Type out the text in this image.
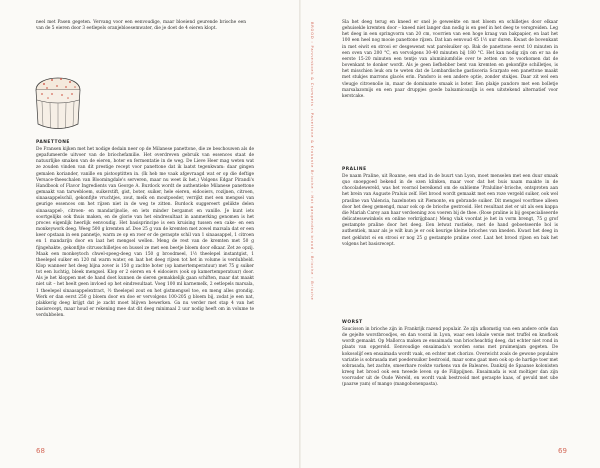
neel met Pasen gegeten. Vervang voor een eenvoudige, maar bloeiend geurende brioche een van de 5 eieren door 3 eetlepels oranjebloesemwater, die je doet de 4 eieren klopt.

PANETTONE

De Fransen kijken met het nodige dedain neer op de Milanese panettone, die ze beschouwen als de gepafumeerde uitvoer van de briochefamilie. Het overdreven gebruik van essences staat de natuurlijke smaken van de eieren, boter en fermentatie in de weg. De Lieve Heer mag weten wat ze zouden vinden van dit prestige recept voor panettone dat ik laatst tegenkwam: daar gingen gemalen koriander, vanille en pistooptitten in. (Ik heb me vaak afgevraagd wat er op die deftige Versace-theeschalen van Bloomingdale's serveren, maar nu weet ik het.) Volgens Edgar Pirandi's Handbook of Flavor Ingredients van George A. Burdock wordt de authentieke Milanese panettone gemaakt van tarwebloem, suikerstift, gist, boter, suiker, hele eieren, eidooiers, rozijnen, citroen, sinaasappelschil, gekonfijte vruchtjes, zout, melk en moutpoeder, verrijkt met een mengsel van geurige essences om het rijzen niet in de weg te zitten. Burdock suggereert geliikte delen sinaasappel-, citroen- en mandarijnolie, en iets minder bergamot en vanille. Je kunt iets soortgelijks ook thuis maken, en de glorie van het eindresultaat in aanmerking genomen is het proces eigenlijk heerlijk eenvoudig. Het basisprincipe is een kruising tussen een cake- en een monkeywork deeg. Weeg 500 g kremten af. Doe 25 g van de kremten met zowel marsala dat er een keer opstaan in een pannetje, warm ze op en roer er de geraspte schil van 1 sinaasappel, 1 citroen en 1 mandarijn door en laat het mengsel wellen. Meng de rest van de kremten met 50 g fijngehakte, gekonfijte citrusschilletjes en bussel ze met een beetje bloem door elkaar. Zet ze opzij. Maak een monkeytoch chwel-speeg-deeg van 150 g broodmeel, 1½ theelepel instantgist, 1 theelepel suiker en 120 ml warm water, en laat het deeg rijzen tot het in volume is verdubbeld. Klop wanneer het deeg bijna zover is 150 g zachte boter (op kamertemperatuur) met 75 g suiker tot een luchtig, bleek mengsel. Klop er 2 eieren en 4 eidooiers (ook op kamertemperatuur) door. Als je het kloppen met de hand doet kunnen de sieren gemakkelijk gaan schiften, maar dat maakt niet uit – het heelt geen invloed op het eindresultaat. Voeg 100 ml karnemelk, 2 eetlepels marsala, 1 theelepel sinaasappelextract, ½ theelepel zout en het gistmengsel toe, en meng alles grondig. Werk er dan eerst 250 g bloem door en doe er vervolgens 100-205 g bloem bij, zodat je een nat, plakkerig deeg krijgt dat je zacht moet blijven bewerken. Ga nu verder met stap 4 van het basisrecept, maar houd er rekening mee dat dit deeg minimaal 2 uur nodig heeft om in volume te verdubbelen.

68
BROOD › Pannenkoek & Crumpets › Panettone & Krokante Brioche › Hot gangenden brood › Brioche › Brioche	Sla het deeg terug en kneed er snel je geweekte en met bloem en schilletjes door elkaar gehuisekle kremten door – kneed niet langer dan nodig is en geef in het deeg te versgreiden. Leg het deeg in een springvorm van 20 cm, voorrien van een hoge kraag van bakpapier, en laat het 100 een heel nog mooie panettone rijzen. Dat kan eenvoud 45 1½ uur duren. Kwast de bovenkant in met eiwit en strooi er desgewenst wat parelsuiker op. Bak de panettone eerst 10 minuten in een oven van 200 °C, en vervolgens 30-40 minuten bij 180 °C. Het kan nodig zijn om er na de eerste 15-20 minuten een tentje van aluminiumfolie over te zetten om te voorkomen dat de bovenkant te donker wordt. Als je geen liefhebber bent van kremten en gekonfijte schilletjes, is het misschien leuk om te weten dat de Lombardische gastisceria Scarpato een panettone maakt met stukjes marrons glacés erin. Pandoro is een andere optie, zonder stukjes. Daar zit wel een vleugje citroenolie in, maar de dominante smaak is boter. Een plakje pandoro met een bolletje marsalazomijs en een paar druppjes goede balsamicoazijn is een uitstekend alternatief voor kerstcake.

PRALINE

De naam Praline, uit Roanne, een stad in de buurt van Lyon, moet menselen met een duur smaak quo snoepgoed bekend in de ozen klinken, maar voor dat het buis naam maakte in de chocoladewereld, was het voornol bereikend om de sublieme 'Praluline'-brioche, ontsproten aan het brein van Auguste Praluis zelf. Het brood wordt gemaakt met een roze vergeld suiker, ook wel prasline van Valencia, hazelnoten uit Piemonte, en gebrande suiker. Dit mengsel voorfmee alleen door het deeg gemengd, maar ook op de brioche gestrooid. Het resultaat ziet er uit als een kappa die Mariah Carey aan haar verdoening zou voeren bij de thee. (Rose praline is bij gespecialiseerde delicatessewinkels en online verkrijgbaar.) Meng vlak voordat je het in vorm brengt, 75 g grof gestampte praline door het deeg. Een letwat rustieke, met de hand geboetseerde bol is authentiek, maar als je wilt kun je er ook keurige kleine brioches van kneden. Kwast het deeg in met geklutst ei en strooi er nog 25 g gestampte praline over. Laat het brood rijzen en bak het volgens het basisrecept.

WORST

Saucisson in brioche zijn in Frankrijk razend populair. Ze zijn afkomstig van een andere orde dan de gejelte worstbroodjes, en dan vooral in Lyon, waar een lokale versie met truffel en knoflook wordt gemaakt. Op Mallorca maken ze ensaimada van briocheachtig deeg, dat echter niet rond in plaats van opgerold. Eenvoudige ensaimada's worden soms met pruimenjam gegeten. De kokosolijf een ensaimada wordt vaak, en echter met chorizo. Overwicht zoals de gewone populaire variatie is sobrasada met poedersuiker bestrooid, maar soms gaat men ook op de hartige toer met sobrasada, het zachte, smeerbare rookte varkens van de Baleares. Dankzij de Spaanse kolonisten kreeg het brood ook een tweede leven op de Filippijnen. Ensaimada is wat moltiger dan zijn voorvader uit de Oude Wereld, en wordt vaak bestrooid met geraspte kaas, of gevuld met ube (paarse yam) of mango (mangobonenpasta).

69
